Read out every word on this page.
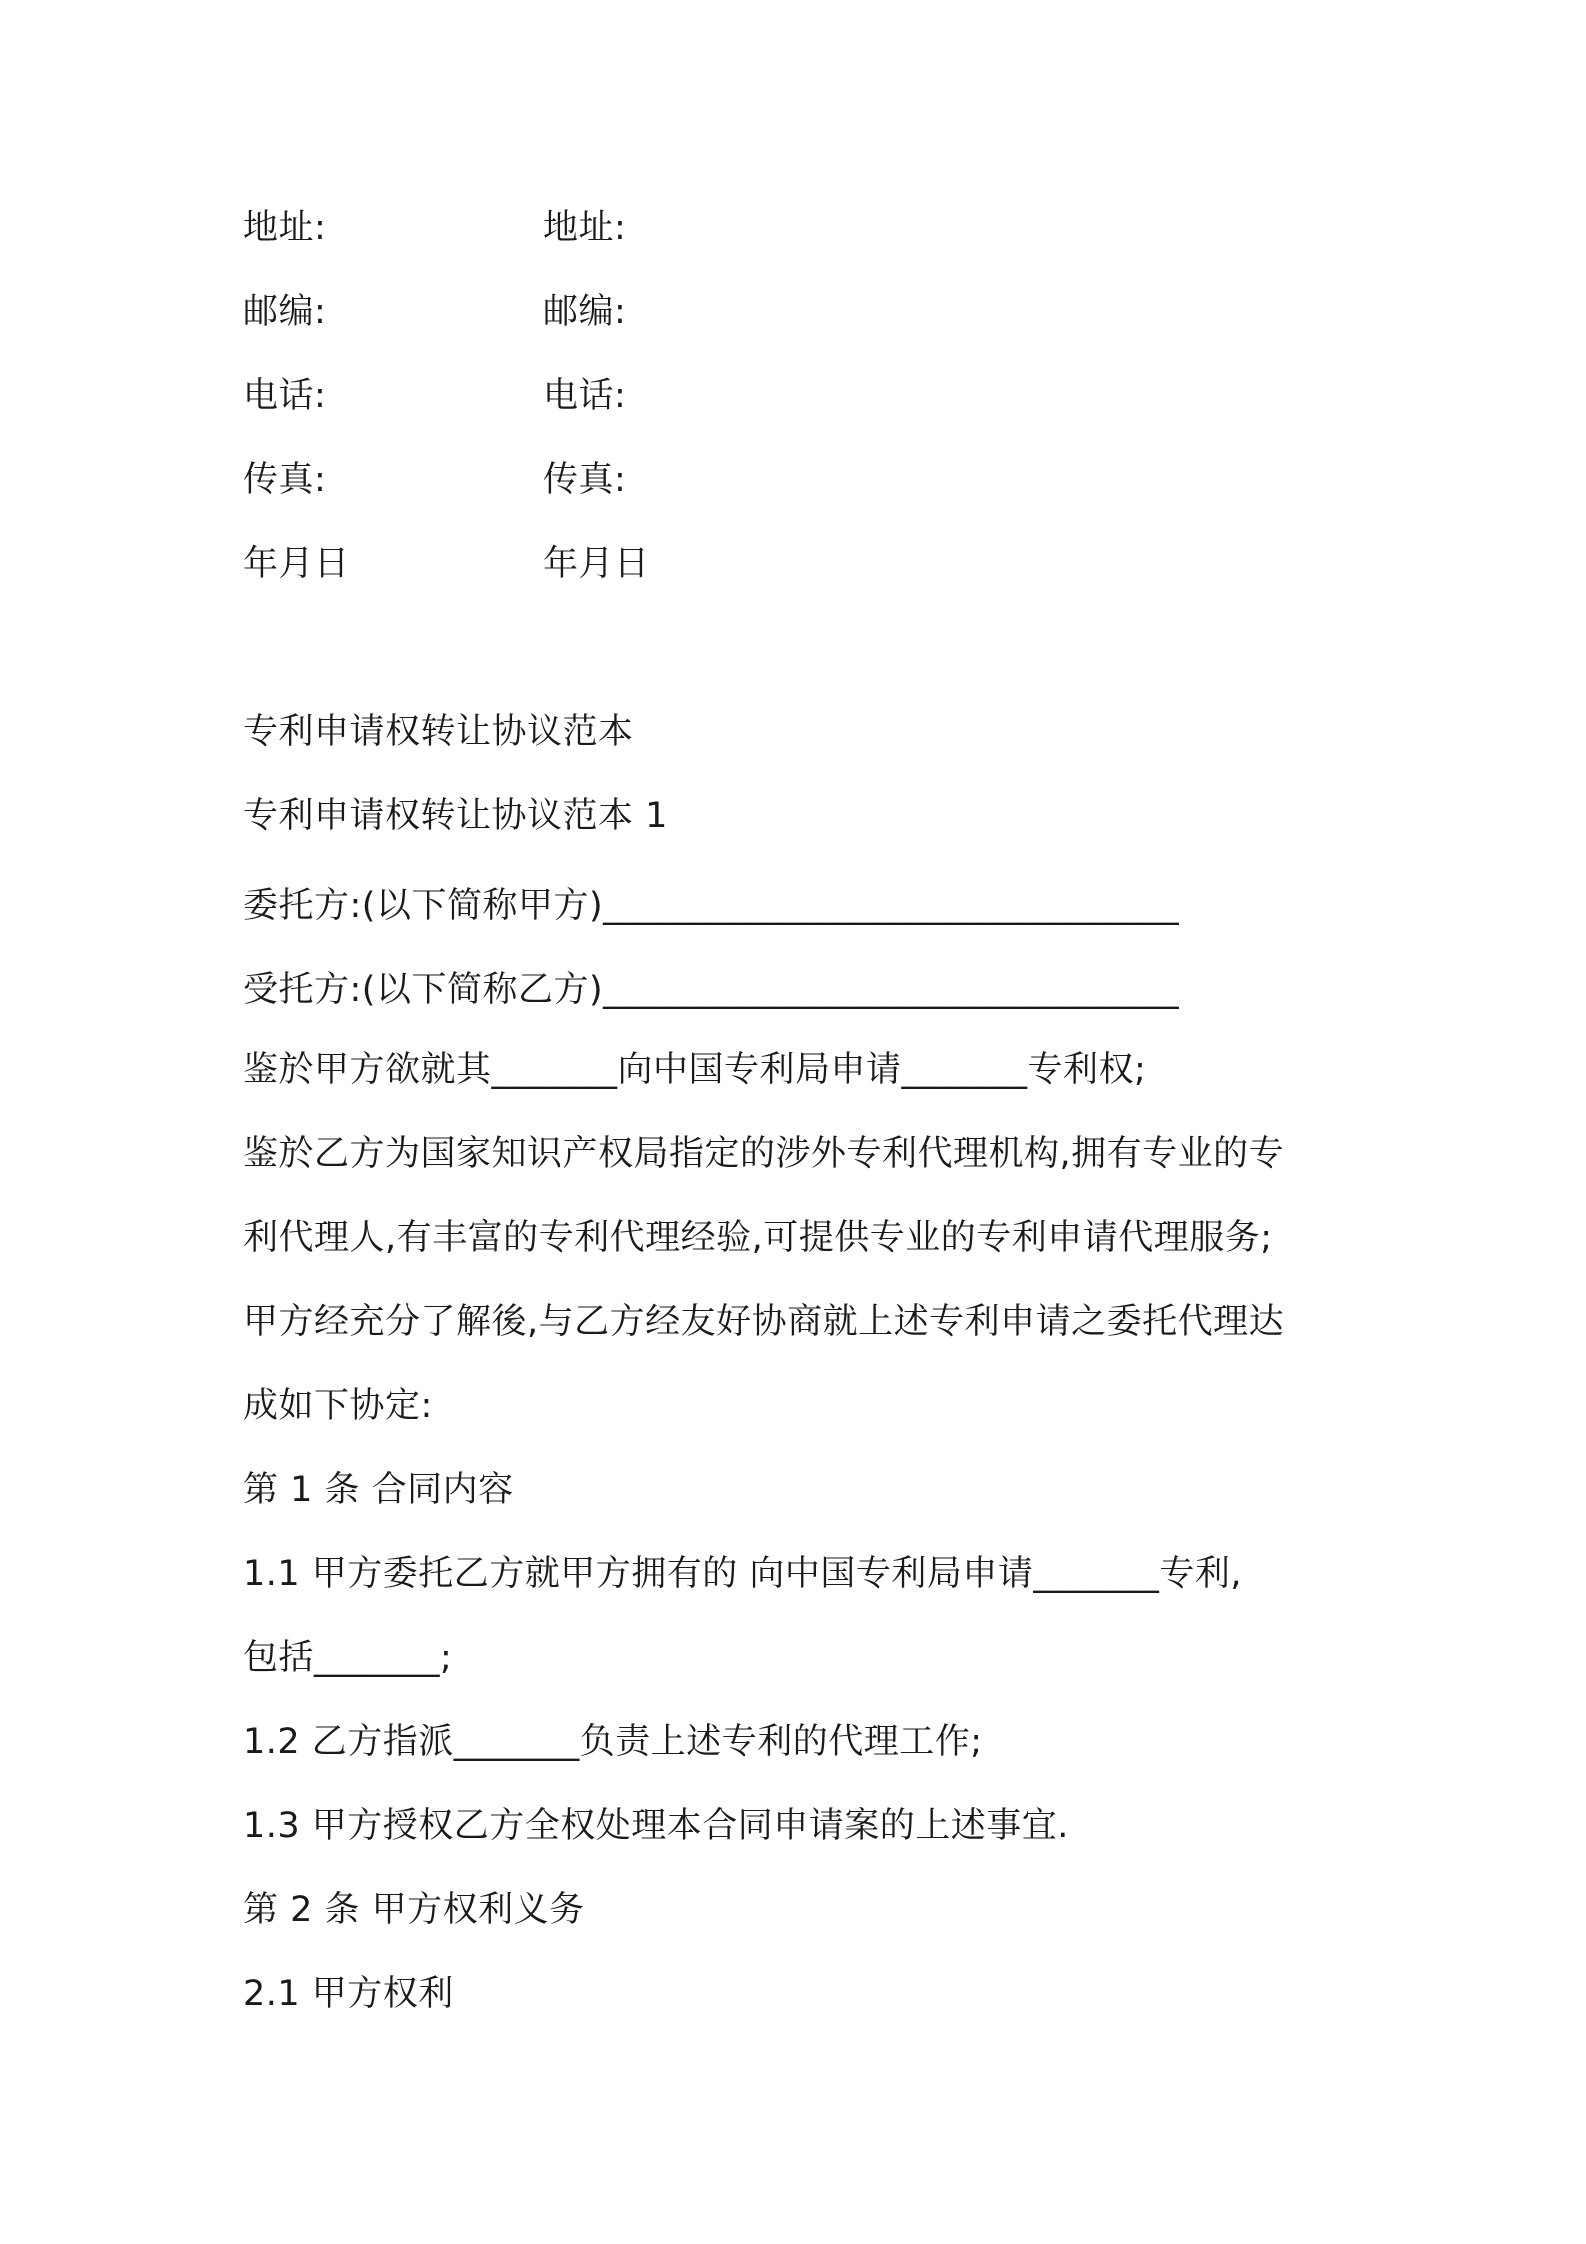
地址:	地址:
邮编:	邮编:
电话:	电话:
传真:	传真:
年月日	年月日
专利申请权转让协议范本
专利申请权转让协议范本 1
委托方:(以下简称甲方)________________________________
受托方:(以下简称乙方)________________________________
鉴於甲方欲就其_______向中国专利局申请_______专利权;
鉴於乙方为国家知识产权局指定的涉外专利代理机构,拥有专业的专
利代理人,有丰富的专利代理经验,可提供专业的专利申请代理服务;
甲方经充分了解後,与乙方经友好协商就上述专利申请之委托代理达
成如下协定:
第 1 条 合同内容
1.1 甲方委托乙方就甲方拥有的 向中国专利局申请_______专利,
包括_______;
1.2 乙方指派_______负责上述专利的代理工作;
1.3 甲方授权乙方全权处理本合同申请案的上述事宜.
第 2 条 甲方权利义务
2.1 甲方权利
